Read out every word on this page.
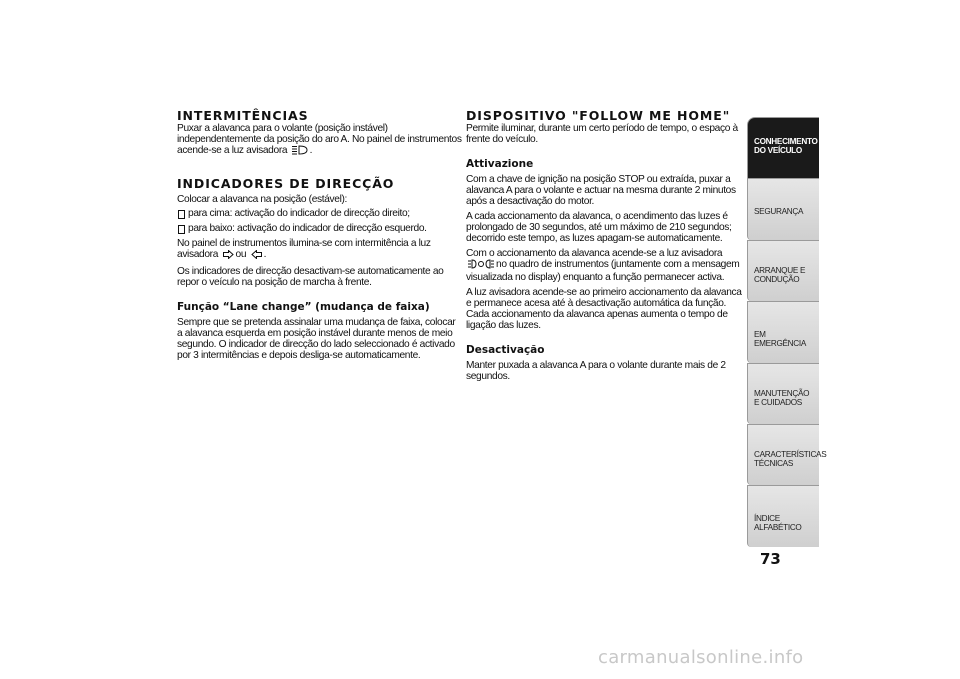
INTERMITÊNCIAS

Puxar a alavanca para o volante (posição instável) independentemente da posição do aro A. No painel de instrumentos acende-se a luz avisadora .

INDICADORES DE DIRECÇÃO

Colocar a alavanca na posição (estável):

para cima: activação do indicador de direcção direito;

para baixo: activação do indicador de direcção esquerdo.

No painel de instrumentos ilumina-se com intermitência a luz avisadora ou .

Os indicadores de direcção desactivam-se automaticamente ao repor o veículo na posição de marcha à frente.

Função “Lane change” (mudança de faixa)

Sempre que se pretenda assinalar uma mudança de faixa, colocar a alavanca esquerda em posição instável durante menos de meio segundo. O indicador de direcção do lado seleccionado é activado por 3 intermitências e depois desliga-se automaticamente.

DISPOSITIVO "FOLLOW ME HOME"

Permite iluminar, durante um certo período de tempo, o espaço à frente do veículo.

Attivazione

Com a chave de ignição na posição STOP ou extraída, puxar a alavanca A para o volante e actuar na mesma durante 2 minutos após a desactivação do motor.

A cada accionamento da alavanca, o acendimento das luzes é prolongado de 30 segundos, até um máximo de 210 segundos; decorrido este tempo, as luzes apagam-se automaticamente.

Com o accionamento da alavanca acende-se a luz avisadora no quadro de instrumentos (juntamente com a mensagem visualizada no display) enquanto a função permanecer activa.

A luz avisadora acende-se ao primeiro accionamento da alavanca e permanece acesa até à desactivação automática da função. Cada accionamento da alavanca apenas aumenta o tempo de ligação das luzes.

Desactivação

Manter puxada a alavanca A para o volante durante mais de 2 segundos.

CONHECIMENTO DO VEÍCULO
SEGURANÇA
ARRANQUE E CONDUÇÃO
EM EMERGÊNCIA
MANUTENÇÃO E CUIDADOS
CARACTERÍSTICAS TÉCNICAS
ÍNDICE ALFABÉTICO
73
carmanualsonline.info
